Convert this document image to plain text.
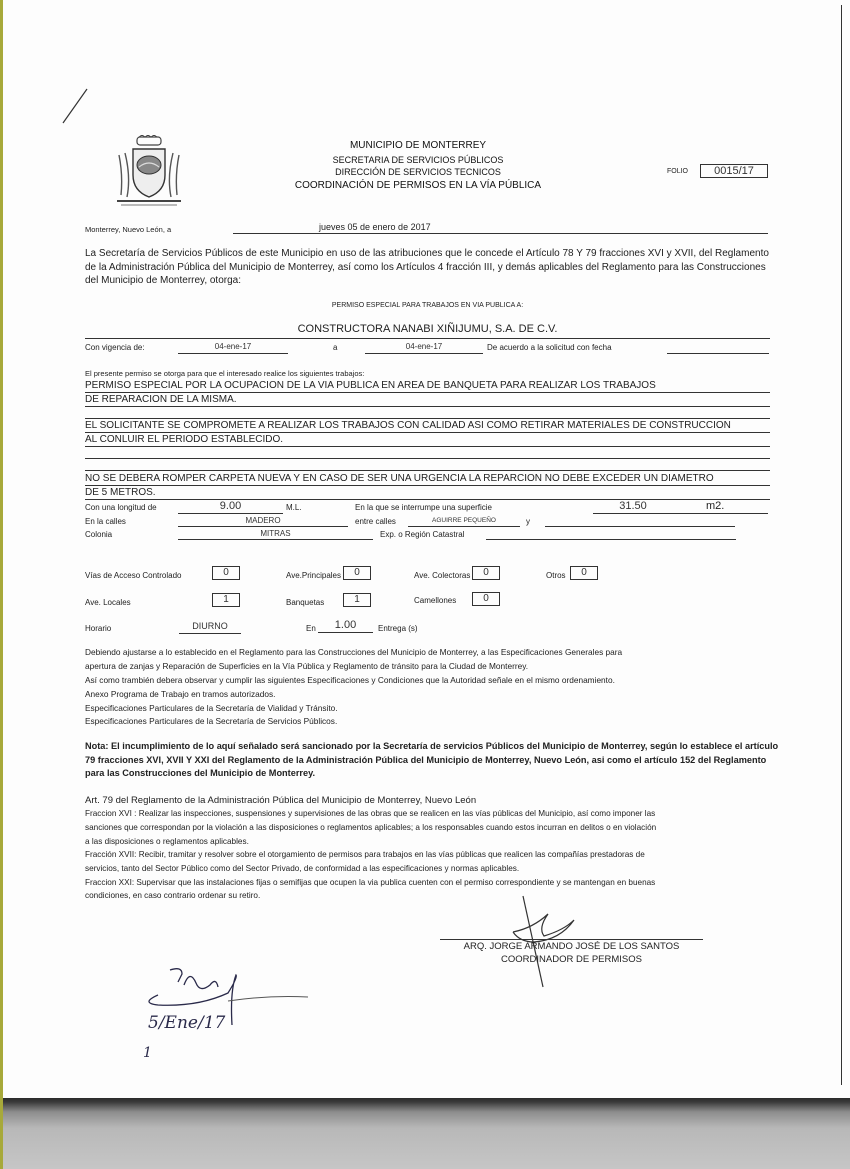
MUNICIPIO DE MONTERREY
SECRETARIA DE SERVICIOS PÚBLICOS
DIRECCIÓN DE SERVICIOS TECNICOS
COORDINACIÓN DE PERMISOS EN LA VÍA PÚBLICA
FOLIO	0015/17
Monterrey, Nuevo León, a	jueves 05 de enero de 2017
La Secretaría de Servicios Públicos de este Municipio en uso de las atribuciones que le concede el Artículo 78 Y 79 fracciones XVI y XVII, del Reglamento de la Administración Pública del Municipio de Monterrey, así como los Artículos 4 fracción III, y demás aplicables del Reglamento para las Construcciones del Municipio de Monterrey, otorga:
PERMISO ESPECIAL PARA TRABAJOS EN VIA PUBLICA A:
CONSTRUCTORA NANABI XIÑIJUMU, S.A. DE C.V.
Con vigencia de:	04-ene-17	a	04-ene-17	De acuerdo a la solicitud con fecha
El presente permiso se otorga para que el interesado realice los siguientes trabajos:
PERMISO ESPECIAL POR LA OCUPACION DE LA VIA PUBLICA EN AREA DE BANQUETA PARA REALIZAR LOS TRABAJOS
DE REPARACION DE LA MISMA.
EL SOLICITANTE SE COMPROMETE A REALIZAR LOS TRABAJOS CON CALIDAD ASI COMO RETIRAR MATERIALES DE CONSTRUCCION
AL CONLUIR EL PERIODO ESTABLECIDO.
NO SE DEBERA ROMPER CARPETA NUEVA Y EN CASO DE SER UNA URGENCIA LA REPARCION NO DEBE EXCEDER UN DIAMETRO
DE 5 METROS.
Con una longitud de	9.00	M.L.	En la que se interrumpe una superficie	31.50	m2.
En la calles	MADERO	entre calles	AGUIRRE PEQUEÑO	y
Colonia	MITRAS	Exp. o Región Catastral
Vías de Acceso Controlado	0	Ave.Principales	0	Ave. Colectoras	0	Otros	0
Ave. Locales	1	Banquetas	1	Camellones	0
Horario	DIURNO	En	1.00	Entrega (s)
Debiendo ajustarse a lo establecido en el Reglamento para las Construcciones del Municipio de Monterrey, a las Especificaciones Generales para
apertura de zanjas y Reparación de Superficies en la Vía Pública y Reglamento de tránsito para la Ciudad de Monterrey.
Así como trambién debera observar y cumplir las siguientes Especificaciones y Condiciones que la Autoridad señale en el mismo ordenamiento.
Anexo Programa de Trabajo en tramos autorizados.
Especificaciones Particulares de la Secretaría de Vialidad y Tránsito.
Especificaciones Particulares de la Secretaría de Servicios Públicos.
Nota: El incumplimiento de lo aquí señalado será sancionado por la Secretaría de servicios Públicos del Municipio de Monterrey, según lo establece el artículo 79 fracciones XVI, XVII Y XXI del Reglamento de la Administración Pública del Municipio de Monterrey, Nuevo León, asi como el artículo 152 del Reglamento para las Construcciones del Municipio de Monterrey.
Art. 79 del Reglamento de la Administración Pública del Municipio de Monterrey, Nuevo León
Fraccion XVI : Realizar las inspecciones, suspensiones y supervisiones de las obras que se realicen en las vías públicas del Municipio, así como imponer las
sanciones que correspondan por la violación a las disposiciones o reglamentos aplicables; a los responsables cuando estos incurran en delitos o en violación
a las disposiciones o reglamentos aplicables.
Fracción XVII: Recibir, tramitar y resolver sobre el otorgamiento de permisos para trabajos en las vías públicas que realicen las compañías prestadoras de
servicios, tanto del Sector Público como del Sector Privado, de conformidad a las especificaciones y normas aplicables.
Fraccion XXI: Supervisar que las instalaciones fijas o semifijas que ocupen la via publica cuenten con el permiso correspondiente y se mantengan en buenas
condiciones, en caso contrario ordenar su retiro.
ARQ. JORGE ARMANDO JOSÉ DE LOS SANTOS
COORDINADOR DE PERMISOS
5/Ene/17
1
